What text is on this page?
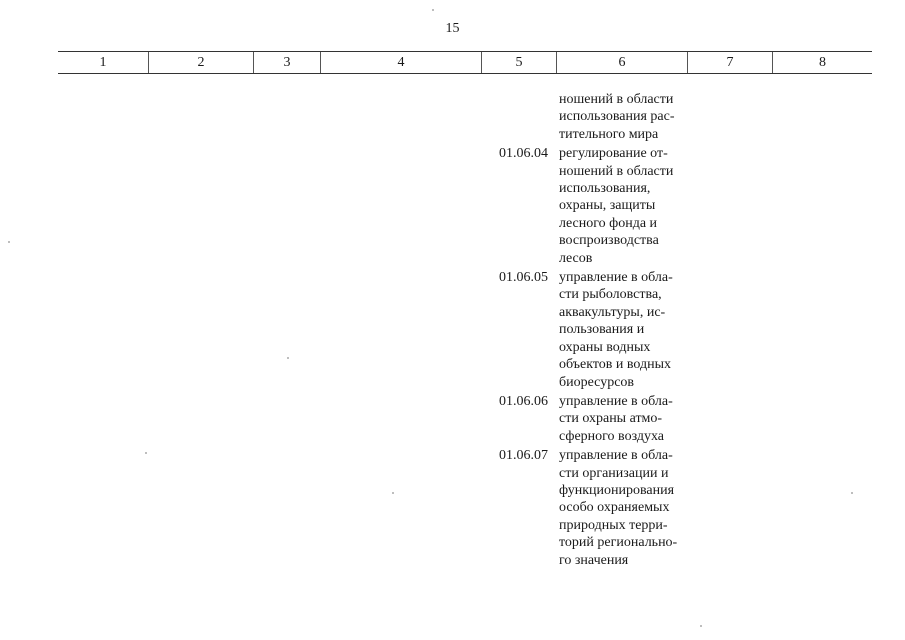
15
1	2	3	4	5	6	7	8
ношений в области
использования рас-
тительного мира
01.06.04 регулирование от-
ношений в области
использования,
охраны, защиты
лесного фонда и
воспроизводства
лесов
01.06.05 управление в обла-
сти рыболовства,
аквакультуры, ис-
пользования и
охраны водных
объектов и водных
биоресурсов
01.06.06 управление в обла-
сти охраны атмо-
сферного воздуха
01.06.07 управление в обла-
сти организации и
функционирования
особо охраняемых
природных терри-
торий регионально-
го значения
